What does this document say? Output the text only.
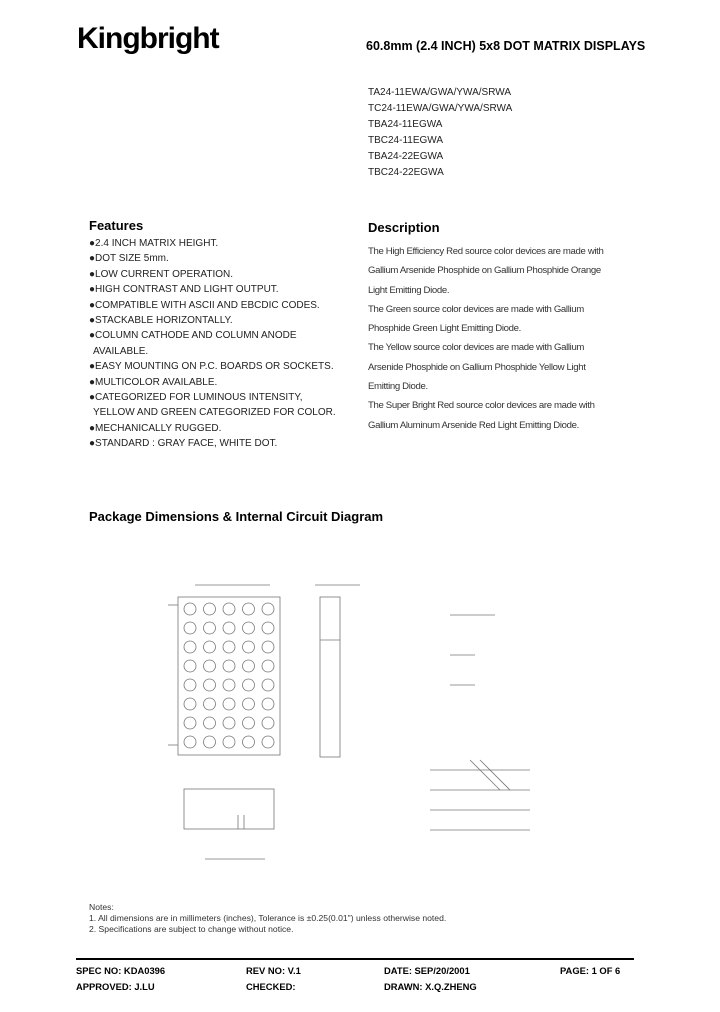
Kingbright	60.8mm (2.4 INCH) 5x8 DOT MATRIX DISPLAYS
TA24-11EWA/GWA/YWA/SRWA
TC24-11EWA/GWA/YWA/SRWA
TBA24-11EGWA
TBC24-11EGWA
TBA24-22EGWA
TBC24-22EGWA
Features
●2.4 INCH MATRIX HEIGHT.
●DOT SIZE 5mm.
●LOW CURRENT OPERATION.
●HIGH CONTRAST AND LIGHT OUTPUT.
●COMPATIBLE WITH ASCII AND EBCDIC CODES.
●STACKABLE HORIZONTALLY.
●COLUMN CATHODE AND COLUMN ANODE
AVAILABLE.
●EASY MOUNTING ON P.C. BOARDS OR SOCKETS.
●MULTICOLOR AVAILABLE.
●CATEGORIZED FOR LUMINOUS INTENSITY,
YELLOW AND GREEN CATEGORIZED FOR COLOR.
●MECHANICALLY RUGGED.
●STANDARD : GRAY FACE, WHITE DOT.
Description
The High Efficiency Red source color devices are made with
Gallium Arsenide Phosphide on Gallium Phosphide Orange
Light Emitting Diode.
The Green source color devices are made with Gallium
Phosphide Green Light Emitting Diode.
The Yellow source color devices are made with Gallium
Arsenide Phosphide on Gallium Phosphide Yellow Light
Emitting Diode.
The Super Bright Red source color devices are made with
Gallium Aluminum Arsenide Red Light Emitting Diode.
Package Dimensions & Internal Circuit Diagram
Notes:
1. All dimensions are in millimeters (inches), Tolerance is ±0.25(0.01") unless otherwise noted.
2. Specifications are subject to change without notice.
SPEC NO: KDA0396	REV NO: V.1	DATE: SEP/20/2001	PAGE: 1 OF 6
APPROVED: J.LU	CHECKED:	DRAWN: X.Q.ZHENG
